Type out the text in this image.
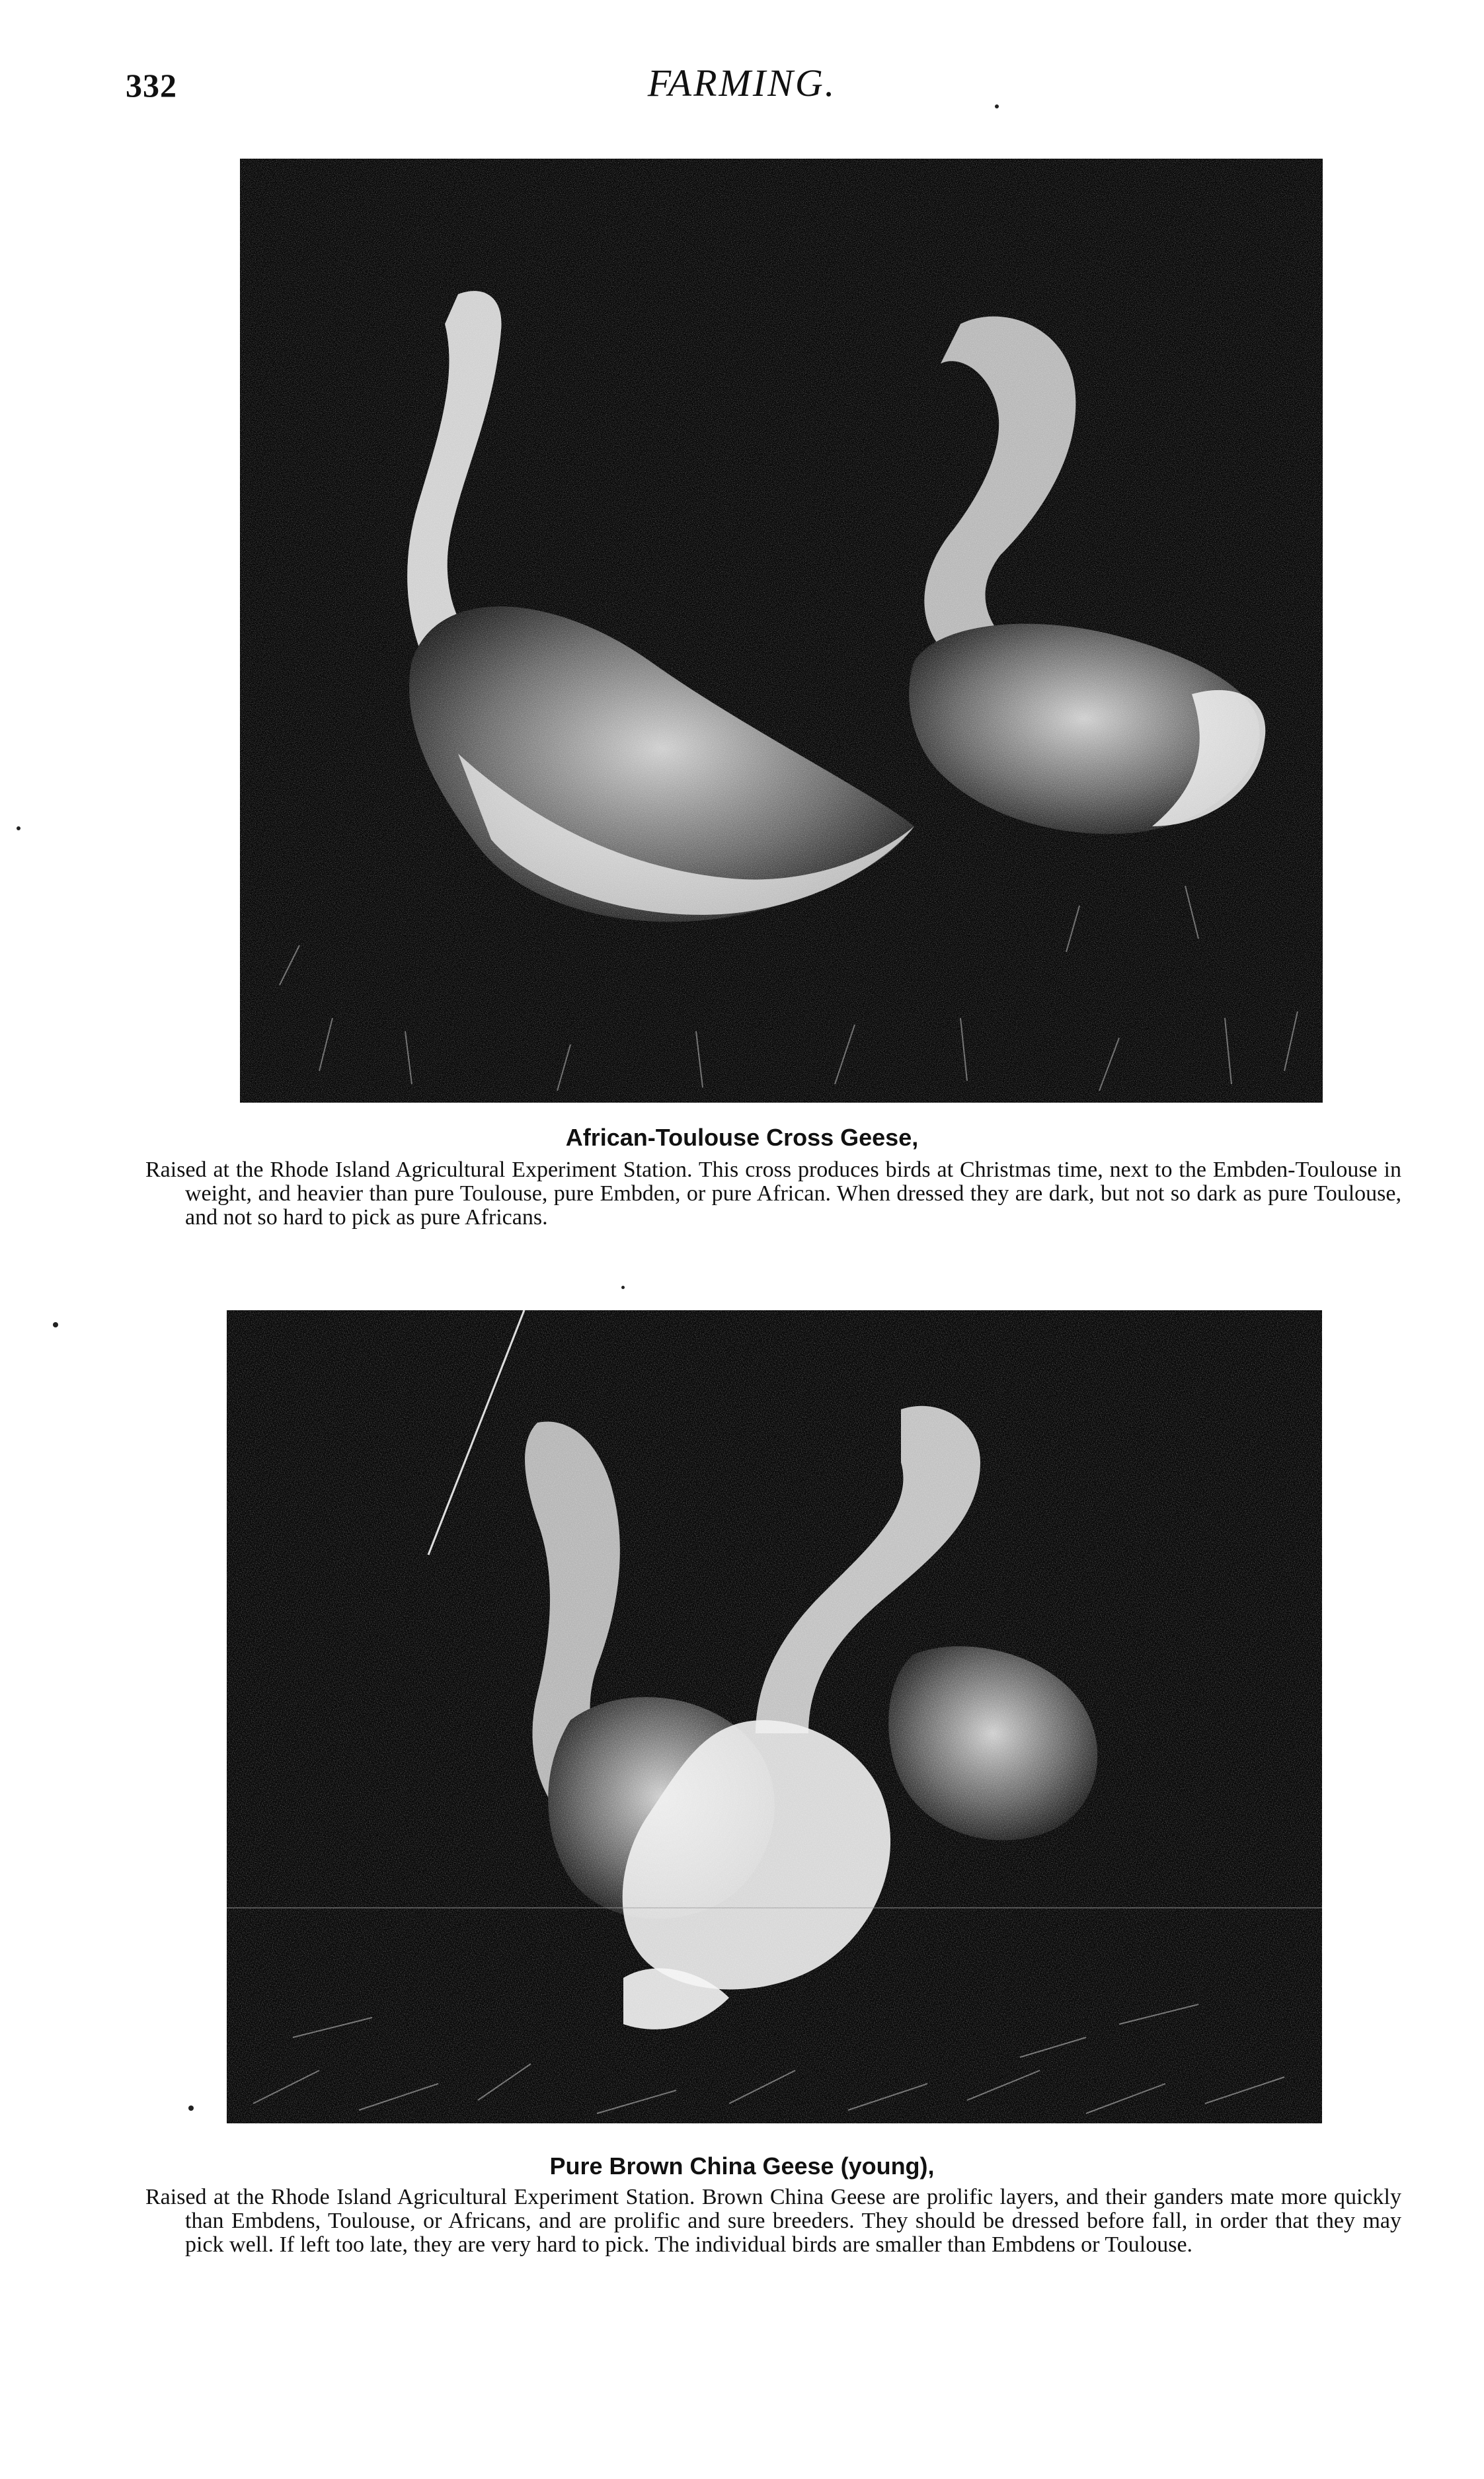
332	FARMING.
African-Toulouse Cross Geese,
Raised at the Rhode Island Agricultural Experiment Station. This cross produces birds at Christmas time, next to the Embden-Toulouse in weight, and heavier than pure Toulouse, pure Embden, or pure African. When dressed they are dark, but not so dark as pure Toulouse, and not so hard to pick as pure Africans.
Pure Brown China Geese (young),
Raised at the Rhode Island Agricultural Experiment Station. Brown China Geese are prolific layers, and their ganders mate more quickly than Embdens, Toulouse, or Africans, and are prolific and sure breeders. They should be dressed before fall, in order that they may pick well. If left too late, they are very hard to pick. The individual birds are smaller than Embdens or Toulouse.
